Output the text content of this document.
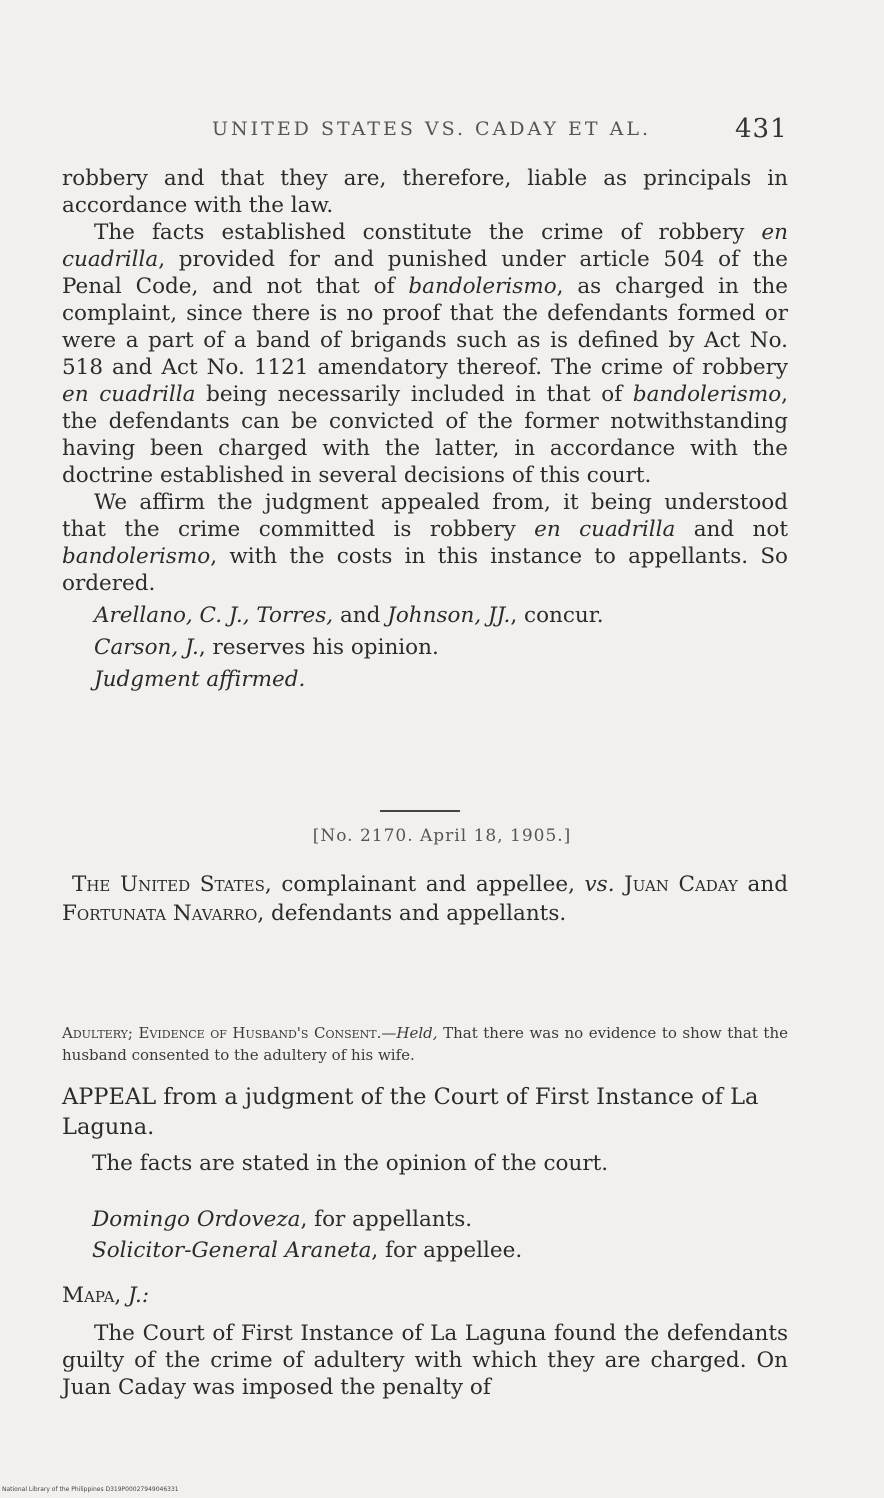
UNITED STATES VS. CADAY ET AL.	431

robbery and that they are, therefore, liable as principals in accordance with the law.

The facts established constitute the crime of robbery en cuadrilla, provided for and punished under article 504 of the Penal Code, and not that of bandolerismo, as charged in the complaint, since there is no proof that the defendants formed or were a part of a band of brigands such as is defined by Act No. 518 and Act No. 1121 amendatory thereof. The crime of robbery en cuadrilla being necessarily included in that of bandolerismo, the defendants can be convicted of the former notwithstanding having been charged with the latter, in accordance with the doctrine established in several decisions of this court.

We affirm the judgment appealed from, it being understood that the crime committed is robbery en cuadrilla and not bandolerismo, with the costs in this instance to appellants. So ordered.

Arellano, C. J., Torres, and Johnson, JJ., concur.

Carson, J., reserves his opinion.

Judgment affirmed.

[No. 2170. April 18, 1905.]
The United States, complainant and appellee, vs. Juan Caday and Fortunata Navarro, defendants and appellants.
Adultery; Evidence of Husband's Consent.—Held, That there was no evidence to show that the husband consented to the adultery of his wife.
APPEAL from a judgment of the Court of First Instance of La Laguna.
The facts are stated in the opinion of the court.
Domingo Ordoveza, for appellants.
Solicitor-General Araneta, for appellee.
Mapa, J.:

The Court of First Instance of La Laguna found the defendants guilty of the crime of adultery with which they are charged. On Juan Caday was imposed the penalty of

National Library of the Philippines D319P00027949046331
